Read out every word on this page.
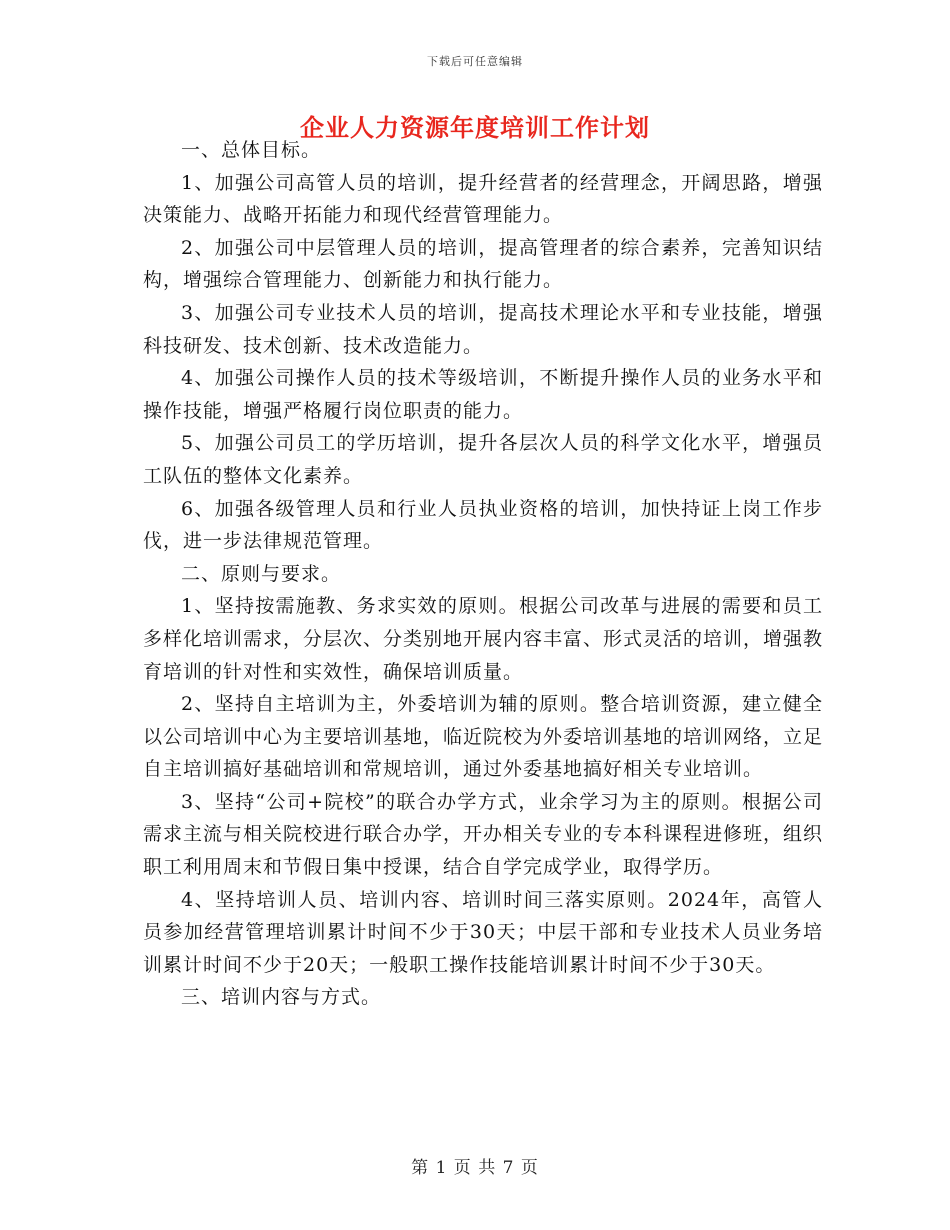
下载后可任意编辑
企业人力资源年度培训工作计划

一、总体目标。

1、加强公司高管人员的培训，提升经营者的经营理念，开阔思路，增强决策能力、战略开拓能力和现代经营管理能力。

2、加强公司中层管理人员的培训，提高管理者的综合素养，完善知识结构，增强综合管理能力、创新能力和执行能力。

3、加强公司专业技术人员的培训，提高技术理论水平和专业技能，增强科技研发、技术创新、技术改造能力。

4、加强公司操作人员的技术等级培训，不断提升操作人员的业务水平和操作技能，增强严格履行岗位职责的能力。

5、加强公司员工的学历培训，提升各层次人员的科学文化水平，增强员工队伍的整体文化素养。

6、加强各级管理人员和行业人员执业资格的培训，加快持证上岗工作步伐，进一步法律规范管理。

二、原则与要求。

1、坚持按需施教、务求实效的原则。根据公司改革与进展的需要和员工多样化培训需求，分层次、分类别地开展内容丰富、形式灵活的培训，增强教育培训的针对性和实效性，确保培训质量。

2、坚持自主培训为主，外委培训为辅的原则。整合培训资源，建立健全以公司培训中心为主要培训基地，临近院校为外委培训基地的培训网络，立足自主培训搞好基础培训和常规培训，通过外委基地搞好相关专业培训。

3、坚持“公司+院校”的联合办学方式，业余学习为主的原则。根据公司需求主流与相关院校进行联合办学，开办相关专业的专本科课程进修班，组织职工利用周末和节假日集中授课，结合自学完成学业，取得学历。

4、坚持培训人员、培训内容、培训时间三落实原则。2024年，高管人员参加经营管理培训累计时间不少于30天；中层干部和专业技术人员业务培训累计时间不少于20天；一般职工操作技能培训累计时间不少于30天。

三、培训内容与方式。

第 1 页 共 7 页
